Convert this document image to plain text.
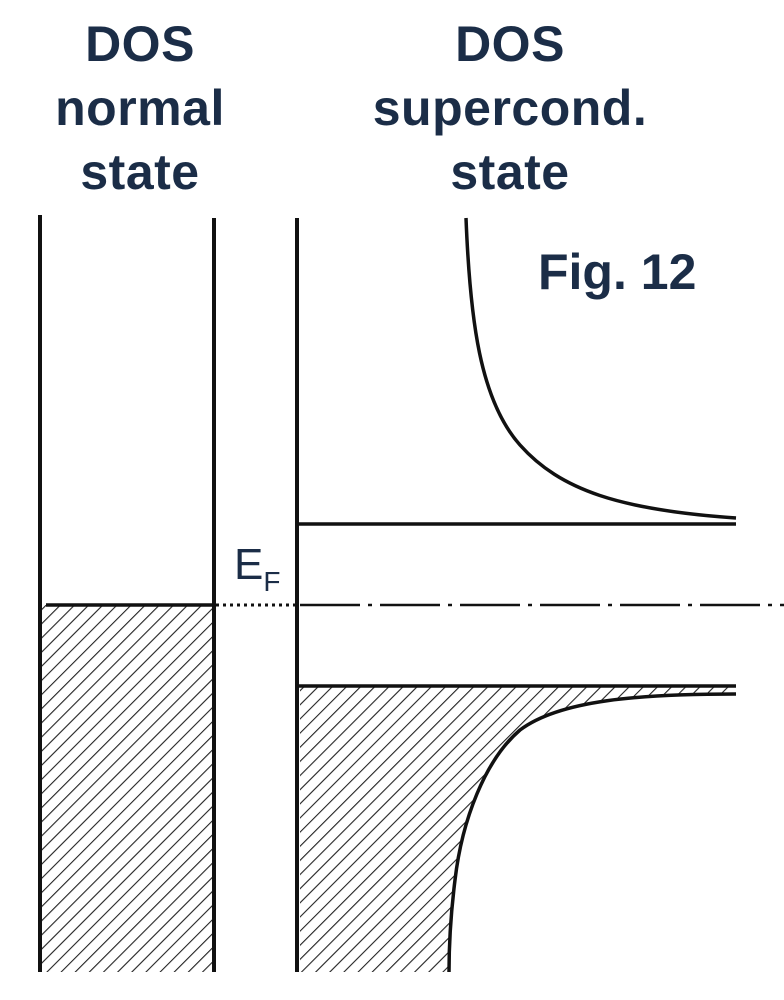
DOS
normal
state
DOS
supercond.
state
Fig. 12
$E_F$
